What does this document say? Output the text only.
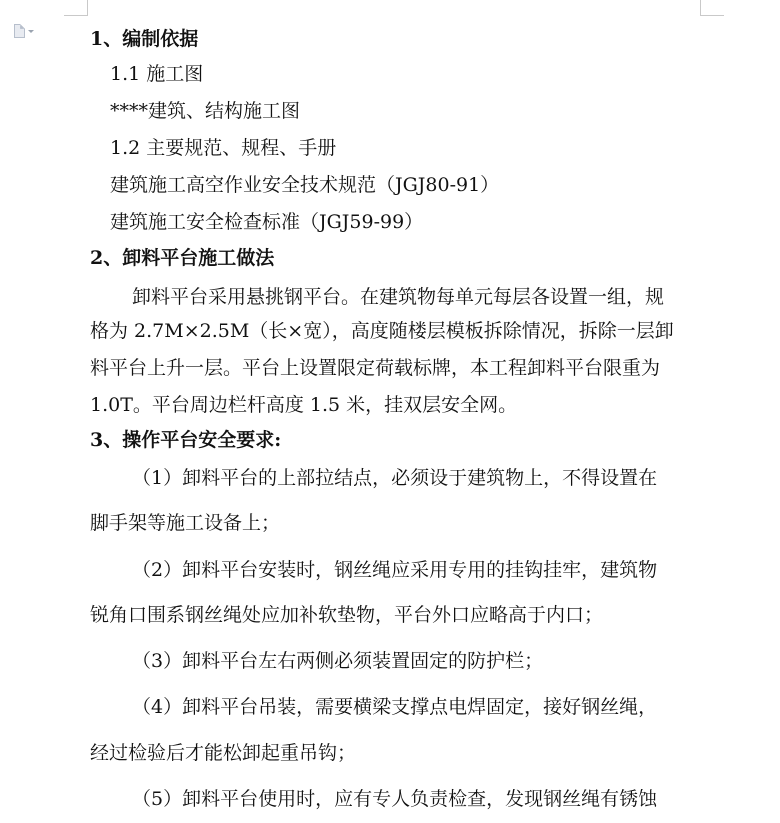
1、编制依据
1.1 施工图
****建筑、结构施工图
1.2 主要规范、规程、手册
建筑施工高空作业安全技术规范（JGJ80-91）
建筑施工安全检查标准（JGJ59-99）
2、卸料平台施工做法
卸料平台采用悬挑钢平台。在建筑物每单元每层各设置一组，规
格为 2.7M×2.5M（长×宽），高度随楼层模板拆除情况，拆除一层卸
料平台上升一层。平台上设置限定荷载标牌，本工程卸料平台限重为
1.0T。平台周边栏杆高度 1.5 米，挂双层安全网。
3、操作平台安全要求:
（1）卸料平台的上部拉结点，必须设于建筑物上，不得设置在
脚手架等施工设备上；
（2）卸料平台安装时，钢丝绳应采用专用的挂钩挂牢，建筑物
锐角口围系钢丝绳处应加补软垫物，平台外口应略高于内口；
（3）卸料平台左右两侧必须装置固定的防护栏；
（4）卸料平台吊装，需要横梁支撑点电焊固定，接好钢丝绳，
经过检验后才能松卸起重吊钩；
（5）卸料平台使用时，应有专人负责检查，发现钢丝绳有锈蚀
